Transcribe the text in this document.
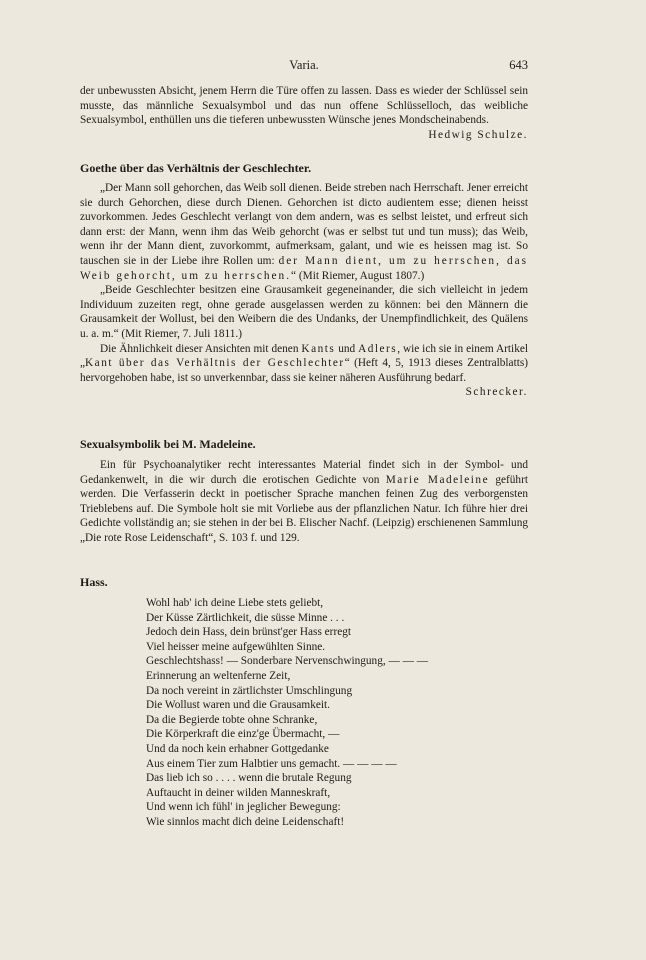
Varia.	643

der unbewussten Absicht, jenem Herrn die Türe offen zu lassen. Dass es wieder der Schlüssel sein musste, das männliche Sexualsymbol und das nun offene Schlüsselloch, das weibliche Sexualsymbol, enthüllen uns die tieferen unbewussten Wünsche jenes Mondscheinabends.
Hedwig Schulze.

Goethe über das Verhältnis der Geschlechter.

„Der Mann soll gehorchen, das Weib soll dienen. Beide streben nach Herrschaft. Jener erreicht sie durch Gehorchen, diese durch Dienen. Gehorchen ist dicto audientem esse; dienen heisst zuvorkommen. Jedes Geschlecht verlangt von dem andern, was es selbst leistet, und erfreut sich dann erst: der Mann, wenn ihm das Weib gehorcht (was er selbst tut und tun muss); das Weib, wenn ihr der Mann dient, zuvorkommt, aufmerksam, galant, und wie es heissen mag ist. So tauschen sie in der Liebe ihre Rollen um: der Mann dient, um zu herrschen, das Weib gehorcht, um zu herrschen.“ (Mit Riemer, August 1807.)

„Beide Geschlechter besitzen eine Grausamkeit gegeneinander, die sich vielleicht in jedem Individuum zuzeiten regt, ohne gerade ausgelassen werden zu können: bei den Männern die Grausamkeit der Wollust, bei den Weibern die des Undanks, der Unempfindlichkeit, des Quälens u. a. m.“ (Mit Riemer, 7. Juli 1811.)

Die Ähnlichkeit dieser Ansichten mit denen Kants und Adlers, wie ich sie in einem Artikel „Kant über das Verhältnis der Geschlechter“ (Heft 4, 5, 1913 dieses Zentralblatts) hervorgehoben habe, ist so unverkennbar, dass sie keiner näheren Ausführung bedarf.
Schrecker.

Sexualsymbolik bei M. Madeleine.

Ein für Psychoanalytiker recht interessantes Material findet sich in der Symbol- und Gedankenwelt, in die wir durch die erotischen Gedichte von Marie Madeleine geführt werden. Die Verfasserin deckt in poetischer Sprache manchen feinen Zug des verborgensten Trieblebens auf. Die Symbole holt sie mit Vorliebe aus der pflanzlichen Natur. Ich führe hier drei Gedichte vollständig an; sie stehen in der bei B. Elischer Nachf. (Leipzig) erschienenen Sammlung „Die rote Rose Leidenschaft“, S. 103 f. und 129.

Hass.

Wohl hab' ich deine Liebe stets geliebt,
Der Küsse Zärtlichkeit, die süsse Minne . . .
Jedoch dein Hass, dein brünst'ger Hass erregt
Viel heisser meine aufgewühlten Sinne.
Geschlechtshass! — Sonderbare Nervenschwingung, — — —
Erinnerung an weltenferne Zeit,
Da noch vereint in zärtlichster Umschlingung
Die Wollust waren und die Grausamkeit.
Da die Begierde tobte ohne Schranke,
Die Körperkraft die einz'ge Übermacht, —
Und da noch kein erhabner Gottgedanke
Aus einem Tier zum Halbtier uns gemacht. — — — —
Das lieb ich so . . . . wenn die brutale Regung
Auftaucht in deiner wilden Manneskraft,
Und wenn ich fühl' in jeglicher Bewegung:
Wie sinnlos macht dich deine Leidenschaft!
